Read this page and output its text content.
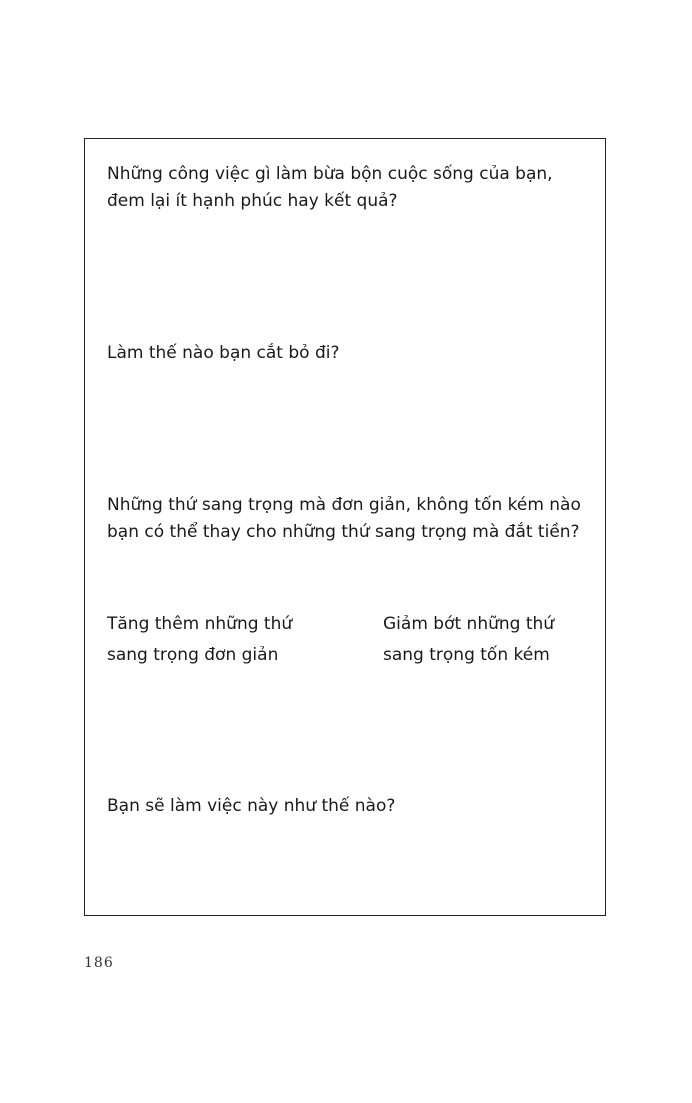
Những công việc gì làm bừa bộn cuộc sống của bạn, đem lại ít hạnh phúc hay kết quả?

Làm thế nào bạn cắt bỏ đi?

Những thứ sang trọng mà đơn giản, không tốn kém nào bạn có thể thay cho những thứ sang trọng mà đắt tiền?

Tăng thêm những thứ
sang trọng đơn giản
Giảm bớt những thứ
sang trọng tốn kém

Bạn sẽ làm việc này như thế nào?

186
